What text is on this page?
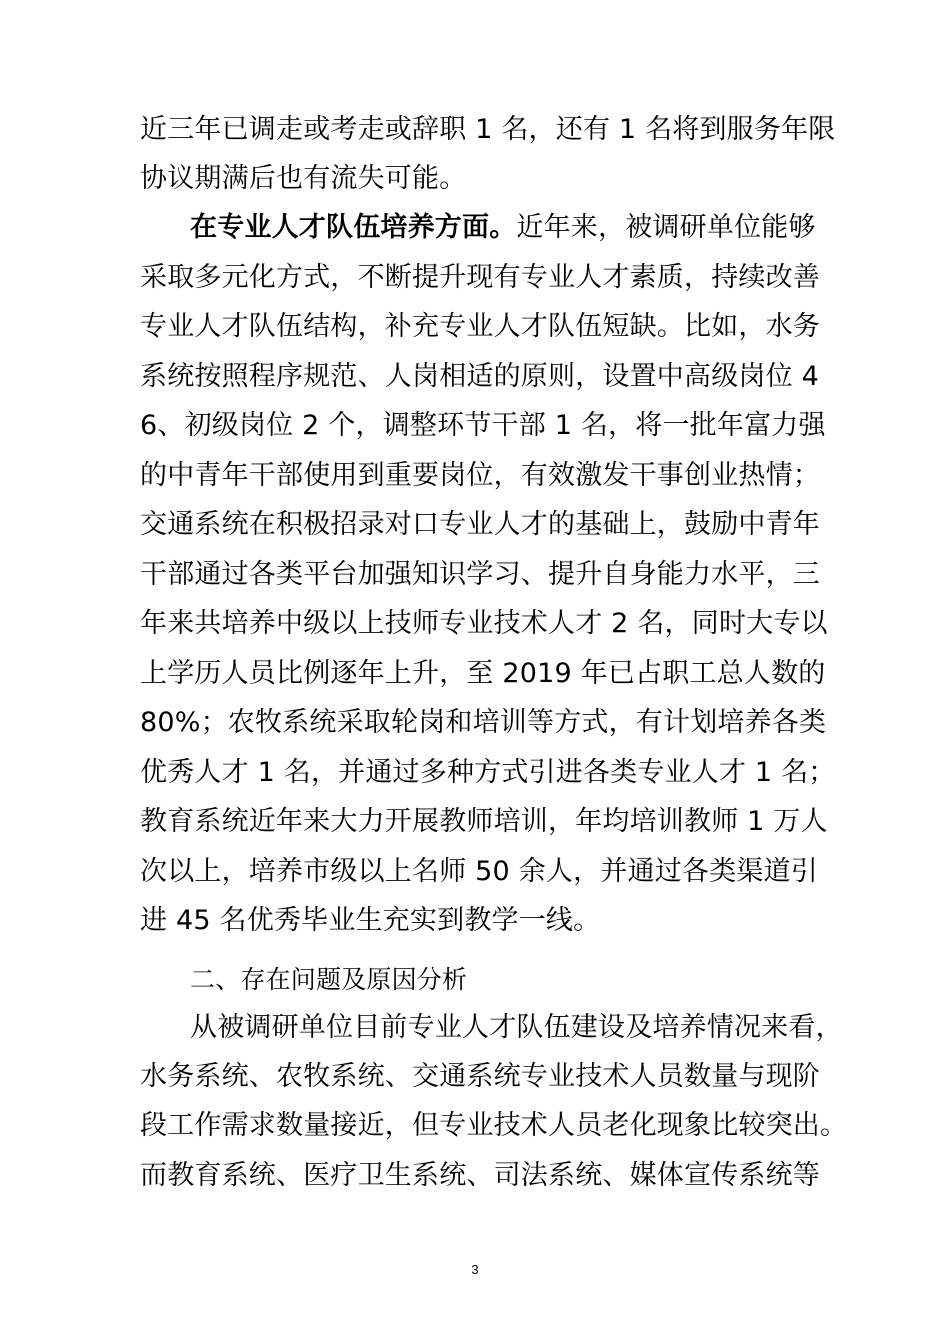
近三年已调走或考走或辞职 1 名，还有 1 名将到服务年限
协议期满后也有流失可能。
在专业人才队伍培养方面。近年来，被调研单位能够
采取多元化方式，不断提升现有专业人才素质，持续改善
专业人才队伍结构，补充专业人才队伍短缺。比如，水务
系统按照程序规范、人岗相适的原则，设置中高级岗位 4
6、初级岗位 2 个，调整环节干部 1 名，将一批年富力强
的中青年干部使用到重要岗位，有效激发干事创业热情；
交通系统在积极招录对口专业人才的基础上，鼓励中青年
干部通过各类平台加强知识学习、提升自身能力水平，三
年来共培养中级以上技师专业技术人才 2 名，同时大专以
上学历人员比例逐年上升，至 2019 年已占职工总人数的
80%；农牧系统采取轮岗和培训等方式，有计划培养各类
优秀人才 1 名，并通过多种方式引进各类专业人才 1 名；
教育系统近年来大力开展教师培训，年均培训教师 1 万人
次以上，培养市级以上名师 50 余人，并通过各类渠道引
进 45 名优秀毕业生充实到教学一线。
二、存在问题及原因分析
从被调研单位目前专业人才队伍建设及培养情况来看，
水务系统、农牧系统、交通系统专业技术人员数量与现阶
段工作需求数量接近，但专业技术人员老化现象比较突出。
而教育系统、医疗卫生系统、司法系统、媒体宣传系统等
3
